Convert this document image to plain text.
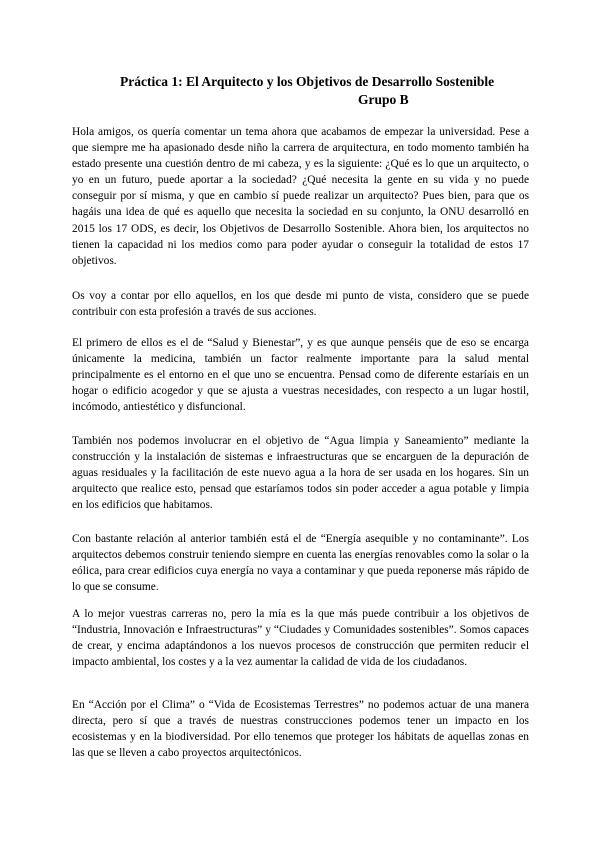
Práctica 1: El Arquitecto y los Objetivos de Desarrollo Sostenible
Grupo B

Hola amigos, os quería comentar un tema ahora que acabamos de empezar la universidad. Pese a que siempre me ha apasionado desde niño la carrera de arquitectura, en todo momento también ha estado presente una cuestión dentro de mi cabeza, y es la siguiente: ¿Qué es lo que un arquitecto, o yo en un futuro, puede aportar a la sociedad? ¿Qué necesita la gente en su vida y no puede conseguir por sí misma, y que en cambio sí puede realizar un arquitecto? Pues bien, para que os hagáis una idea de qué es aquello que necesita la sociedad en su conjunto, la ONU desarrolló en 2015 los 17 ODS, es decir, los Objetivos de Desarrollo Sostenible. Ahora bien, los arquitectos no tienen la capacidad ni los medios como para poder ayudar o conseguir la totalidad de estos 17 objetivos.

Os voy a contar por ello aquellos, en los que desde mi punto de vista, considero que se puede contribuir con esta profesión a través de sus acciones.

El primero de ellos es el de “Salud y Bienestar”, y es que aunque penséis que de eso se encarga únicamente la medicina, también un factor realmente importante para la salud mental principalmente es el entorno en el que uno se encuentra. Pensad como de diferente estaríais en un hogar o edificio acogedor y que se ajusta a vuestras necesidades, con respecto a un lugar hostil, incómodo, antiestético y disfuncional.

También nos podemos involucrar en el objetivo de “Agua limpia y Saneamiento” mediante la construcción y la instalación de sistemas e infraestructuras que se encarguen de la depuración de aguas residuales y la facilitación de este nuevo agua a la hora de ser usada en los hogares. Sin un arquitecto que realice esto, pensad que estaríamos todos sin poder acceder a agua potable y limpia en los edificios que habitamos.

Con bastante relación al anterior también está el de “Energía asequible y no contaminante”. Los arquitectos debemos construir teniendo siempre en cuenta las energías renovables como la solar o la eólica, para crear edificios cuya energía no vaya a contaminar y que pueda reponerse más rápido de lo que se consume.

A lo mejor vuestras carreras no, pero la mía es la que más puede contribuir a los objetivos de “Industria, Innovación e Infraestructuras” y “Ciudades y Comunidades sostenibles”. Somos capaces de crear, y encima adaptándonos a los nuevos procesos de construcción que permiten reducir el impacto ambiental, los costes y a la vez aumentar la calidad de vida de los ciudadanos.

En “Acción por el Clima” o “Vida de Ecosistemas Terrestres” no podemos actuar de una manera directa, pero sí que a través de nuestras construcciones podemos tener un impacto en los ecosistemas y en la biodiversidad. Por ello tenemos que proteger los hábitats de aquellas zonas en las que se lleven a cabo proyectos arquitectónicos.
